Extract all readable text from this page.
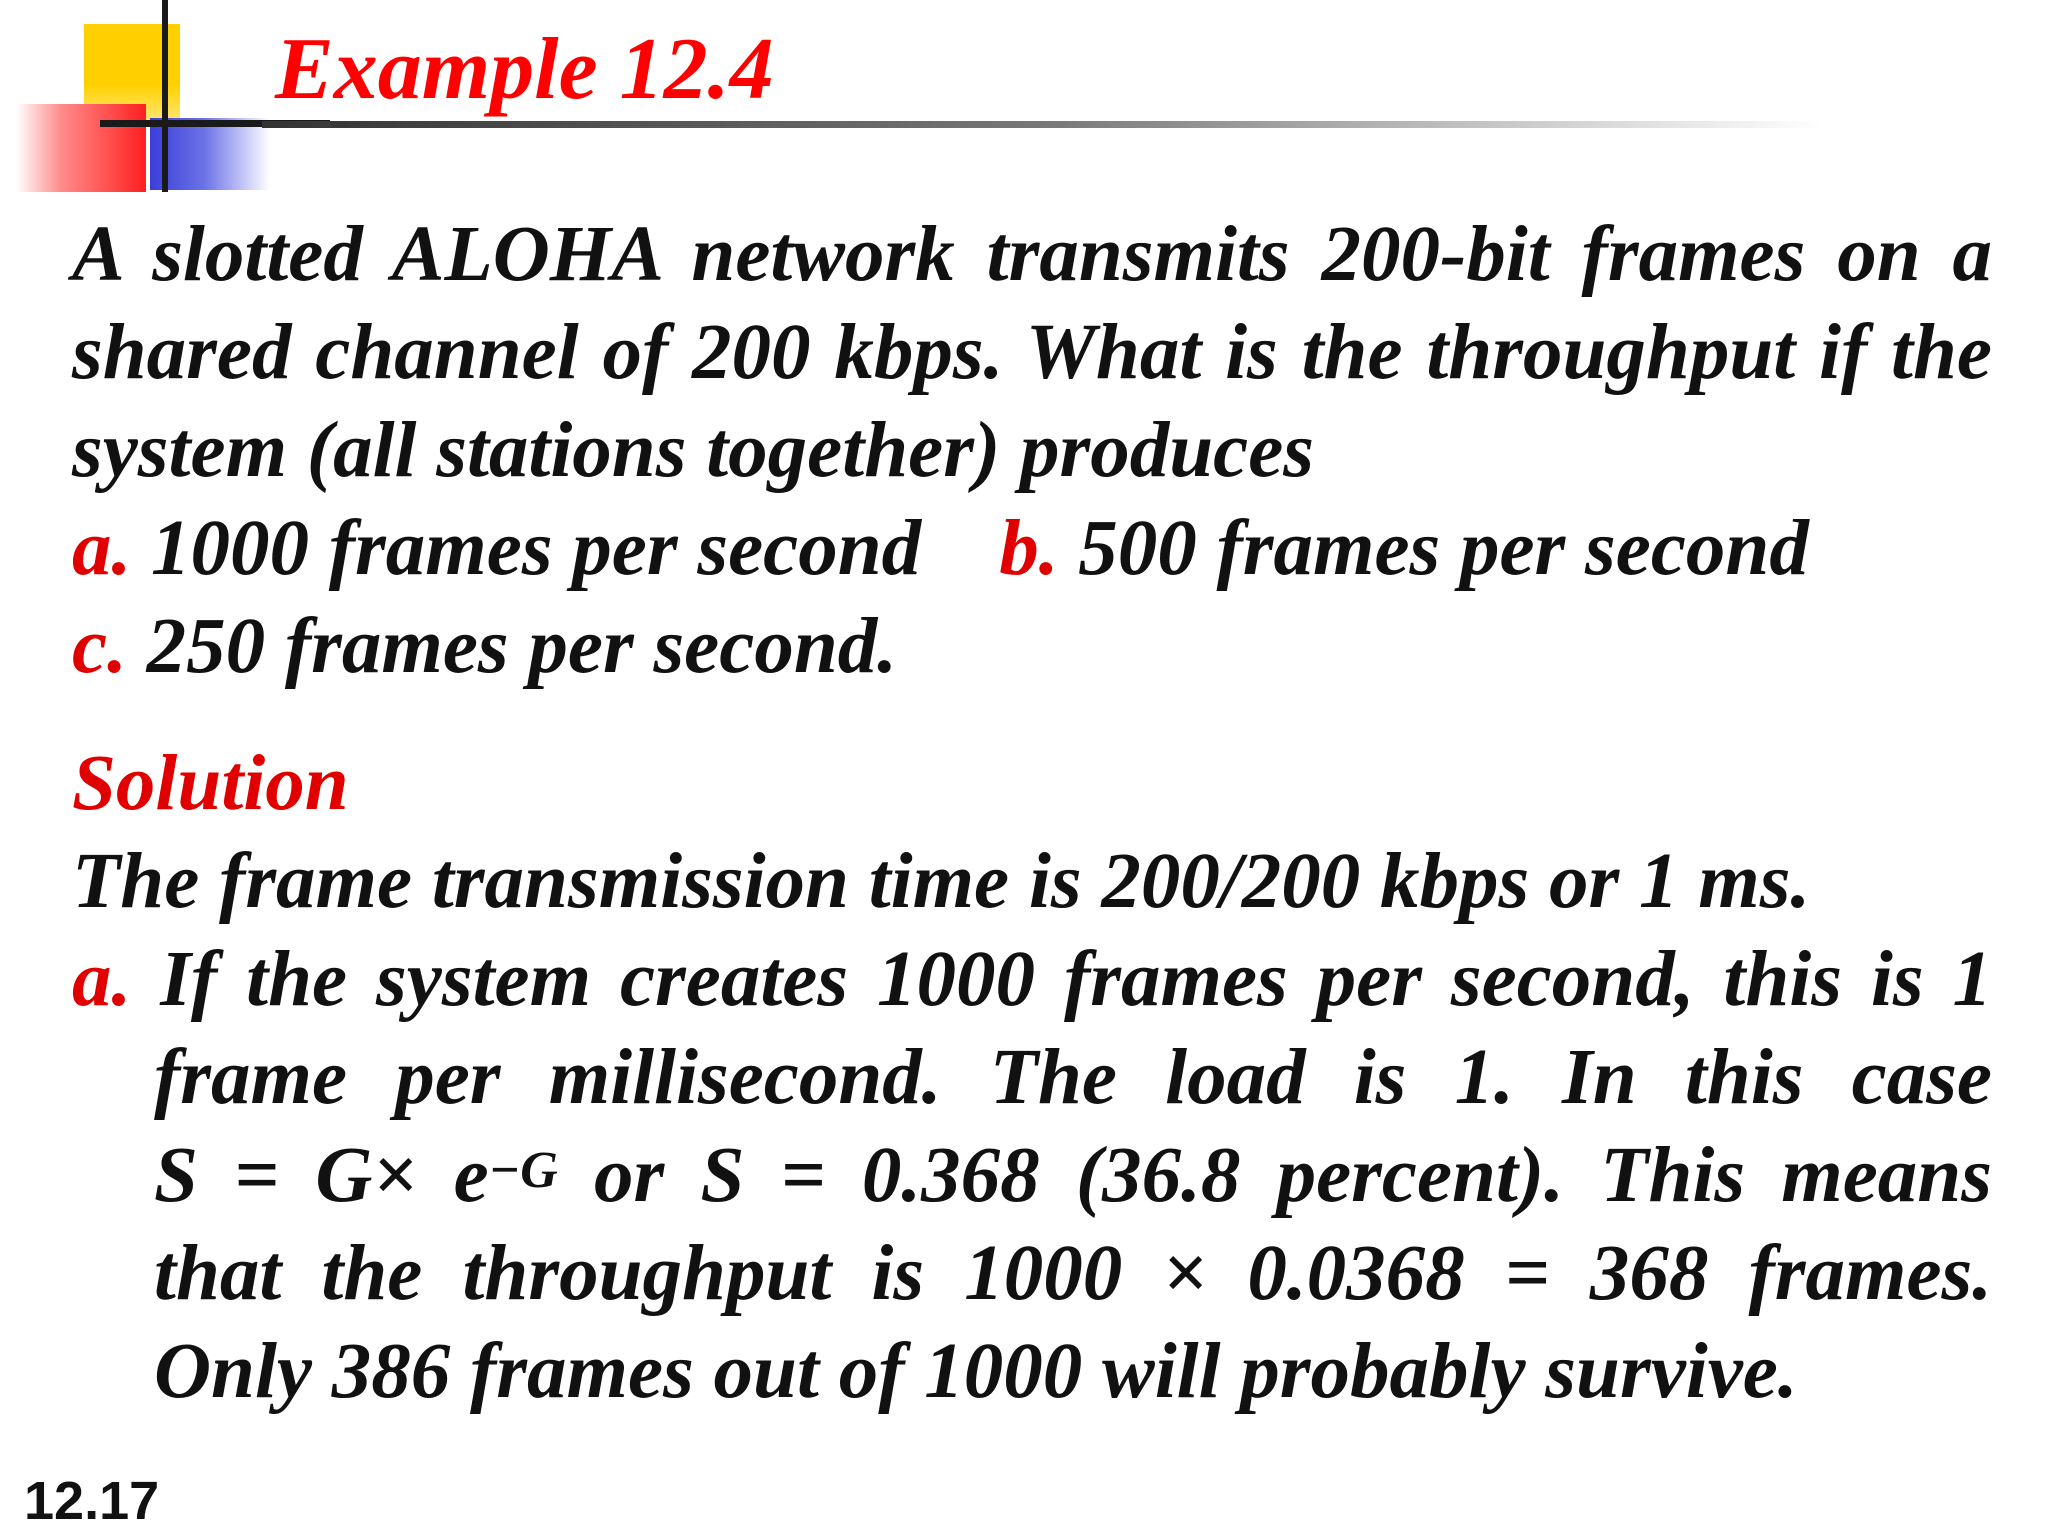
Example 12.4
A slotted ALOHA network transmits 200-bit frames on a
shared channel of 200 kbps. What is the throughput if the
system (all stations together) produces
a. 1000 frames per second b. 500 frames per second
c. 250 frames per second.
Solution
The frame transmission time is 200/200 kbps or 1 ms.
a. If the system creates 1000 frames per second, this is 1
frame per millisecond. The load is 1. In this case
$S = G\times e^{-G}$ or S = 0.368 (36.8 percent). This means
that the throughput is 1000 × 0.0368 = 368 frames.
Only 386 frames out of 1000 will probably survive.
12.17
